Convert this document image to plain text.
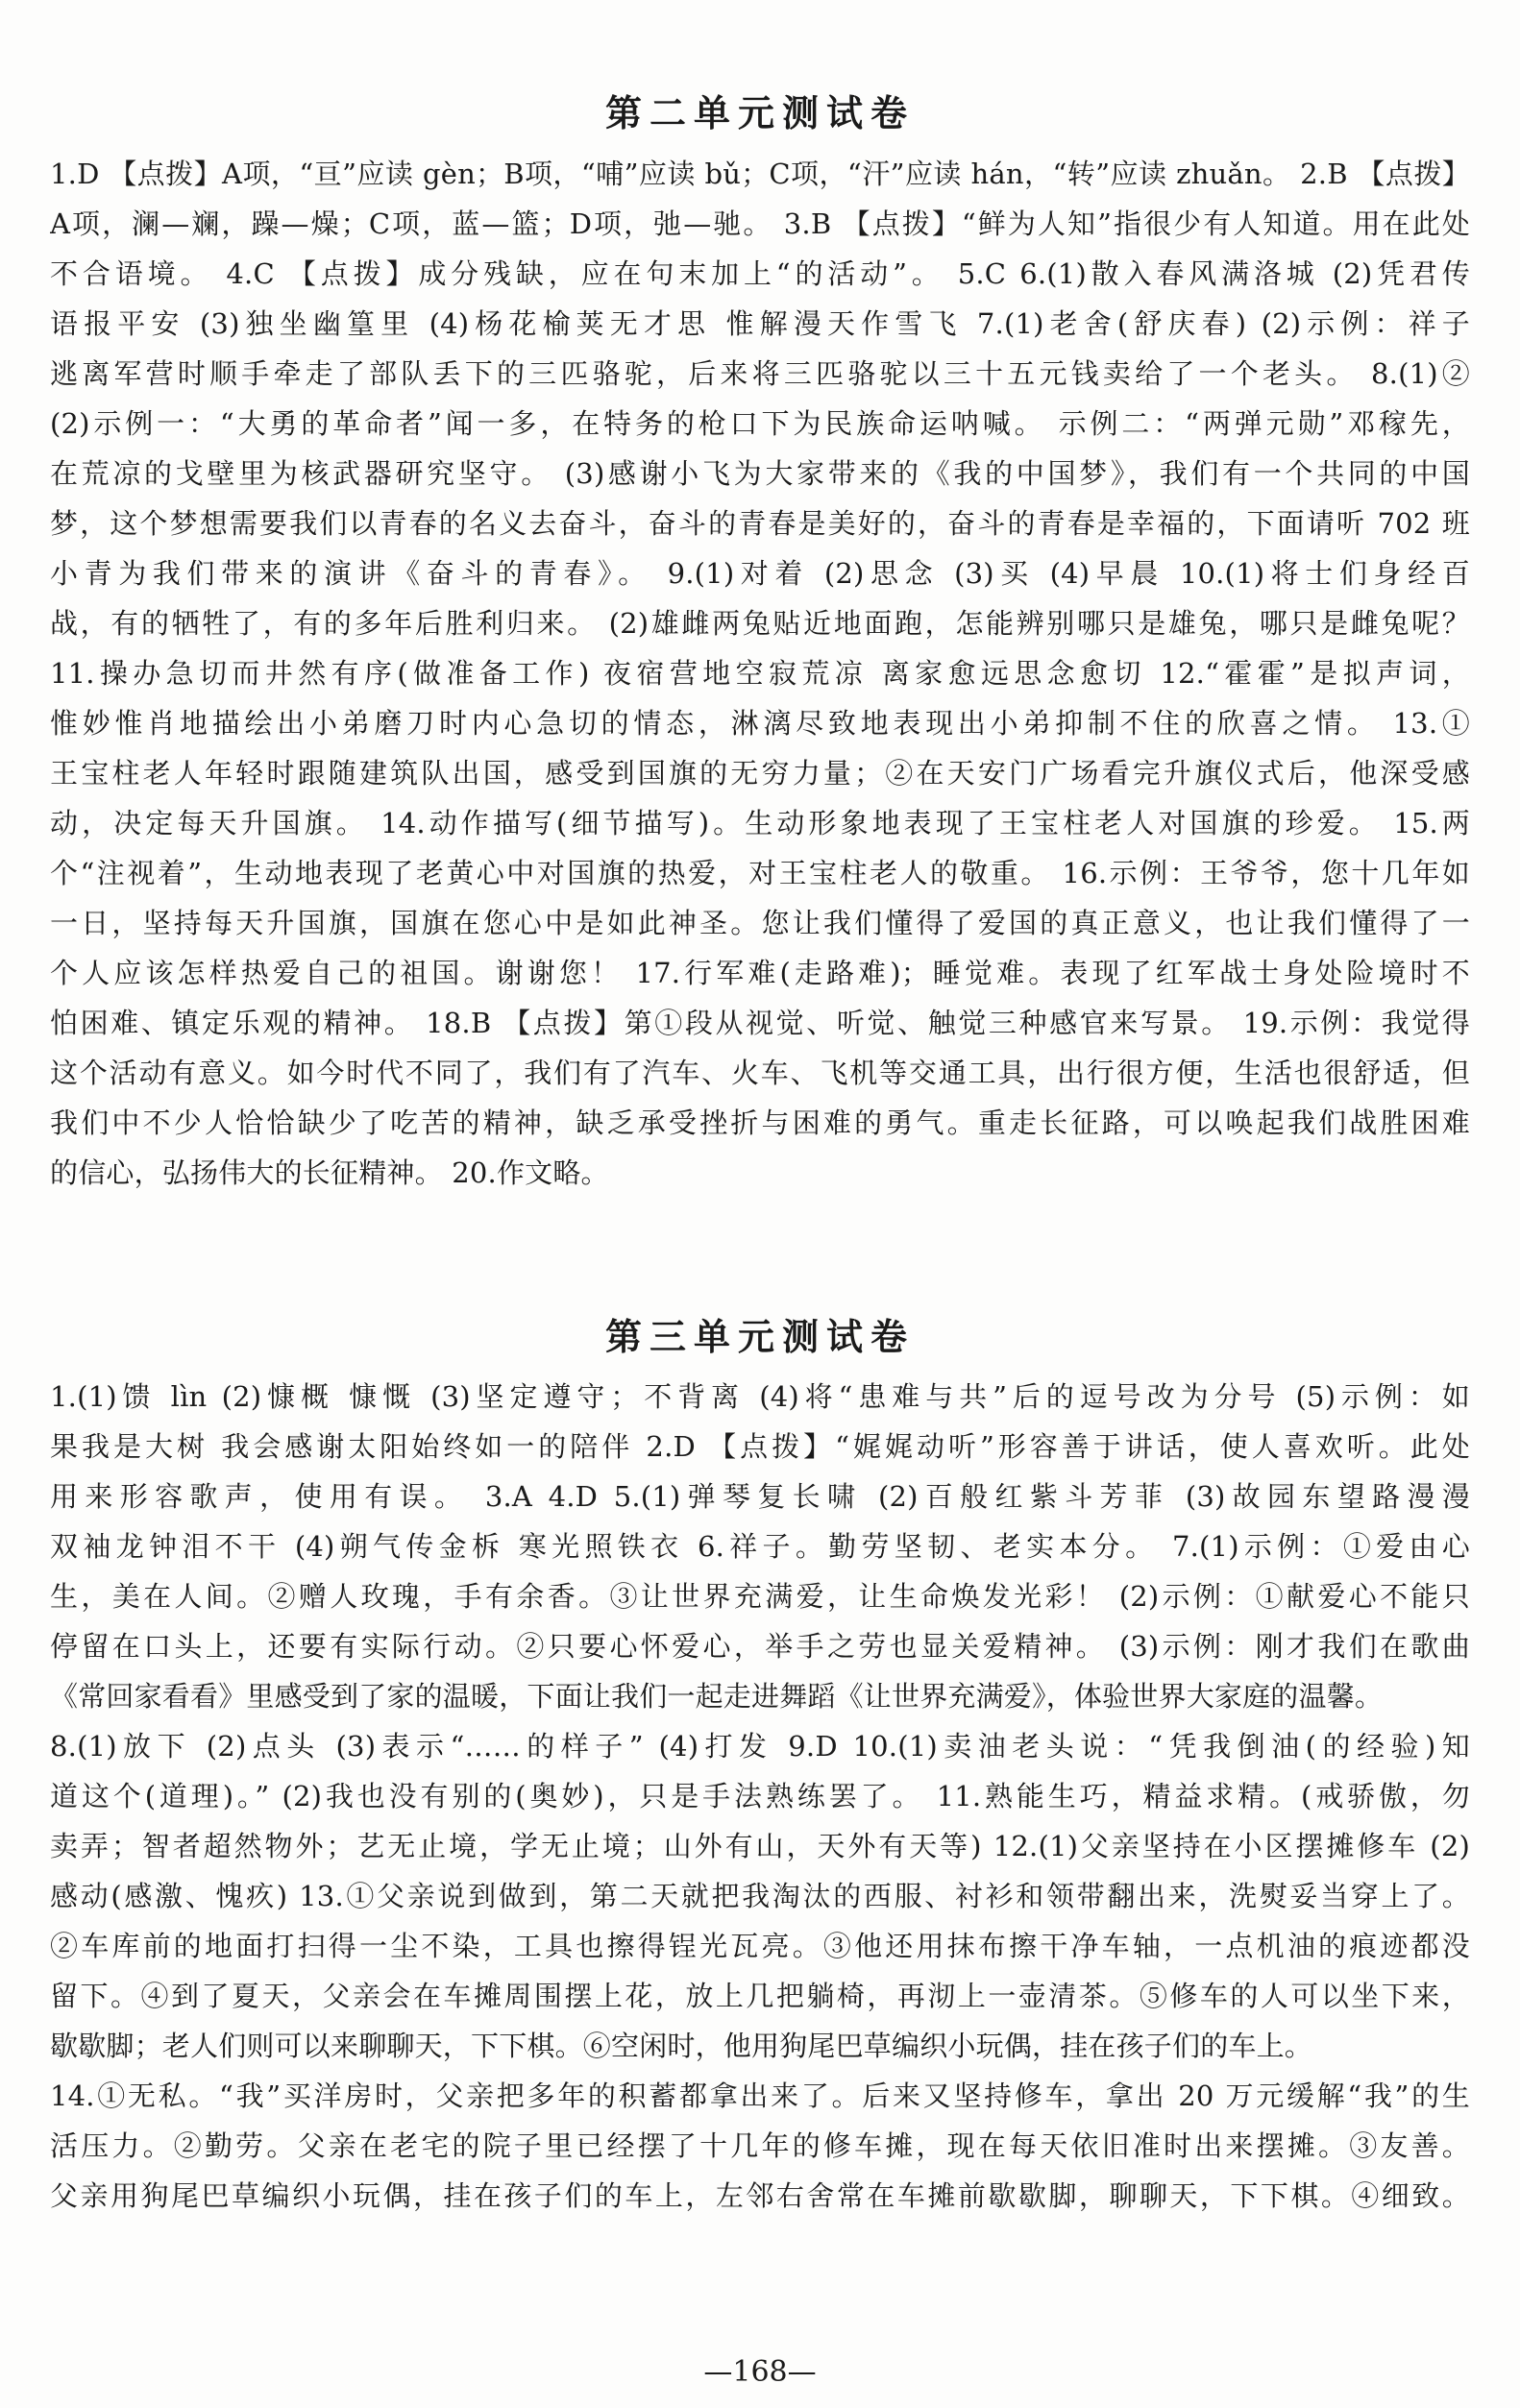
第二单元测试卷
1.D 【点拨】A项，“亘”应读 gèn；B项，“哺”应读 bǔ；C项，“汗”应读 hán，“转”应读 zhuǎn。 2.B 【点拨】
A项，澜—斓，躁—燥；C项，蓝—篮；D项，弛—驰。 3.B 【点拨】“鲜为人知”指很少有人知道。用在此处
不合语境。 4.C 【点拨】成分残缺，应在句末加上“的活动”。 5.C 6.(1)散入春风满洛城 (2)凭君传
语报平安 (3)独坐幽篁里 (4)杨花榆荚无才思 惟解漫天作雪飞 7.(1)老舍(舒庆春) (2)示例：祥子
逃离军营时顺手牵走了部队丢下的三匹骆驼，后来将三匹骆驼以三十五元钱卖给了一个老头。 8.(1)②
(2)示例一：“大勇的革命者”闻一多，在特务的枪口下为民族命运呐喊。 示例二：“两弹元勋”邓稼先，
在荒凉的戈壁里为核武器研究坚守。 (3)感谢小飞为大家带来的《我的中国梦》，我们有一个共同的中国
梦，这个梦想需要我们以青春的名义去奋斗，奋斗的青春是美好的，奋斗的青春是幸福的，下面请听 702 班
小青为我们带来的演讲《奋斗的青春》。 9.(1)对着 (2)思念 (3)买 (4)早晨 10.(1)将士们身经百
战，有的牺牲了，有的多年后胜利归来。 (2)雄雌两兔贴近地面跑，怎能辨别哪只是雄兔，哪只是雌兔呢？
11.操办急切而井然有序(做准备工作) 夜宿营地空寂荒凉 离家愈远思念愈切 12.“霍霍”是拟声词，
惟妙惟肖地描绘出小弟磨刀时内心急切的情态，淋漓尽致地表现出小弟抑制不住的欣喜之情。 13.①
王宝柱老人年轻时跟随建筑队出国，感受到国旗的无穷力量；②在天安门广场看完升旗仪式后，他深受感
动，决定每天升国旗。 14.动作描写(细节描写)。生动形象地表现了王宝柱老人对国旗的珍爱。 15.两
个“注视着”，生动地表现了老黄心中对国旗的热爱，对王宝柱老人的敬重。 16.示例：王爷爷，您十几年如
一日，坚持每天升国旗，国旗在您心中是如此神圣。您让我们懂得了爱国的真正意义，也让我们懂得了一
个人应该怎样热爱自己的祖国。谢谢您！ 17.行军难(走路难)；睡觉难。表现了红军战士身处险境时不
怕困难、镇定乐观的精神。 18.B 【点拨】第①段从视觉、听觉、触觉三种感官来写景。 19.示例：我觉得
这个活动有意义。如今时代不同了，我们有了汽车、火车、飞机等交通工具，出行很方便，生活也很舒适，但
我们中不少人恰恰缺少了吃苦的精神，缺乏承受挫折与困难的勇气。重走长征路，可以唤起我们战胜困难
的信心，弘扬伟大的长征精神。 20.作文略。
第三单元测试卷
1.(1)馈 lìn (2)慷概 慷慨 (3)坚定遵守；不背离 (4)将“患难与共”后的逗号改为分号 (5)示例：如
果我是大树 我会感谢太阳始终如一的陪伴 2.D 【点拨】“娓娓动听”形容善于讲话，使人喜欢听。此处
用来形容歌声，使用有误。 3.A 4.D 5.(1)弹琴复长啸 (2)百般红紫斗芳菲 (3)故园东望路漫漫
双袖龙钟泪不干 (4)朔气传金柝 寒光照铁衣 6.祥子。勤劳坚韧、老实本分。 7.(1)示例：①爱由心
生，美在人间。②赠人玫瑰，手有余香。③让世界充满爱，让生命焕发光彩！ (2)示例：①献爱心不能只
停留在口头上，还要有实际行动。②只要心怀爱心，举手之劳也显关爱精神。 (3)示例：刚才我们在歌曲
《常回家看看》里感受到了家的温暖，下面让我们一起走进舞蹈《让世界充满爱》，体验世界大家庭的温馨。
8.(1)放下 (2)点头 (3)表示“……的样子” (4)打发 9.D 10.(1)卖油老头说：“凭我倒油(的经验)知
道这个(道理)。” (2)我也没有别的(奥妙)，只是手法熟练罢了。 11.熟能生巧，精益求精。(戒骄傲，勿
卖弄；智者超然物外；艺无止境，学无止境；山外有山，天外有天等) 12.(1)父亲坚持在小区摆摊修车 (2)
感动(感激、愧疚) 13.①父亲说到做到，第二天就把我淘汰的西服、衬衫和领带翻出来，洗熨妥当穿上了。
②车库前的地面打扫得一尘不染，工具也擦得锃光瓦亮。③他还用抹布擦干净车轴，一点机油的痕迹都没
留下。④到了夏天，父亲会在车摊周围摆上花，放上几把躺椅，再沏上一壶清茶。⑤修车的人可以坐下来，
歇歇脚；老人们则可以来聊聊天，下下棋。⑥空闲时，他用狗尾巴草编织小玩偶，挂在孩子们的车上。
14.①无私。“我”买洋房时，父亲把多年的积蓄都拿出来了。后来又坚持修车，拿出 20 万元缓解“我”的生
活压力。②勤劳。父亲在老宅的院子里已经摆了十几年的修车摊，现在每天依旧准时出来摆摊。③友善。
父亲用狗尾巴草编织小玩偶，挂在孩子们的车上，左邻右舍常在车摊前歇歇脚，聊聊天，下下棋。④细致。
—168—
